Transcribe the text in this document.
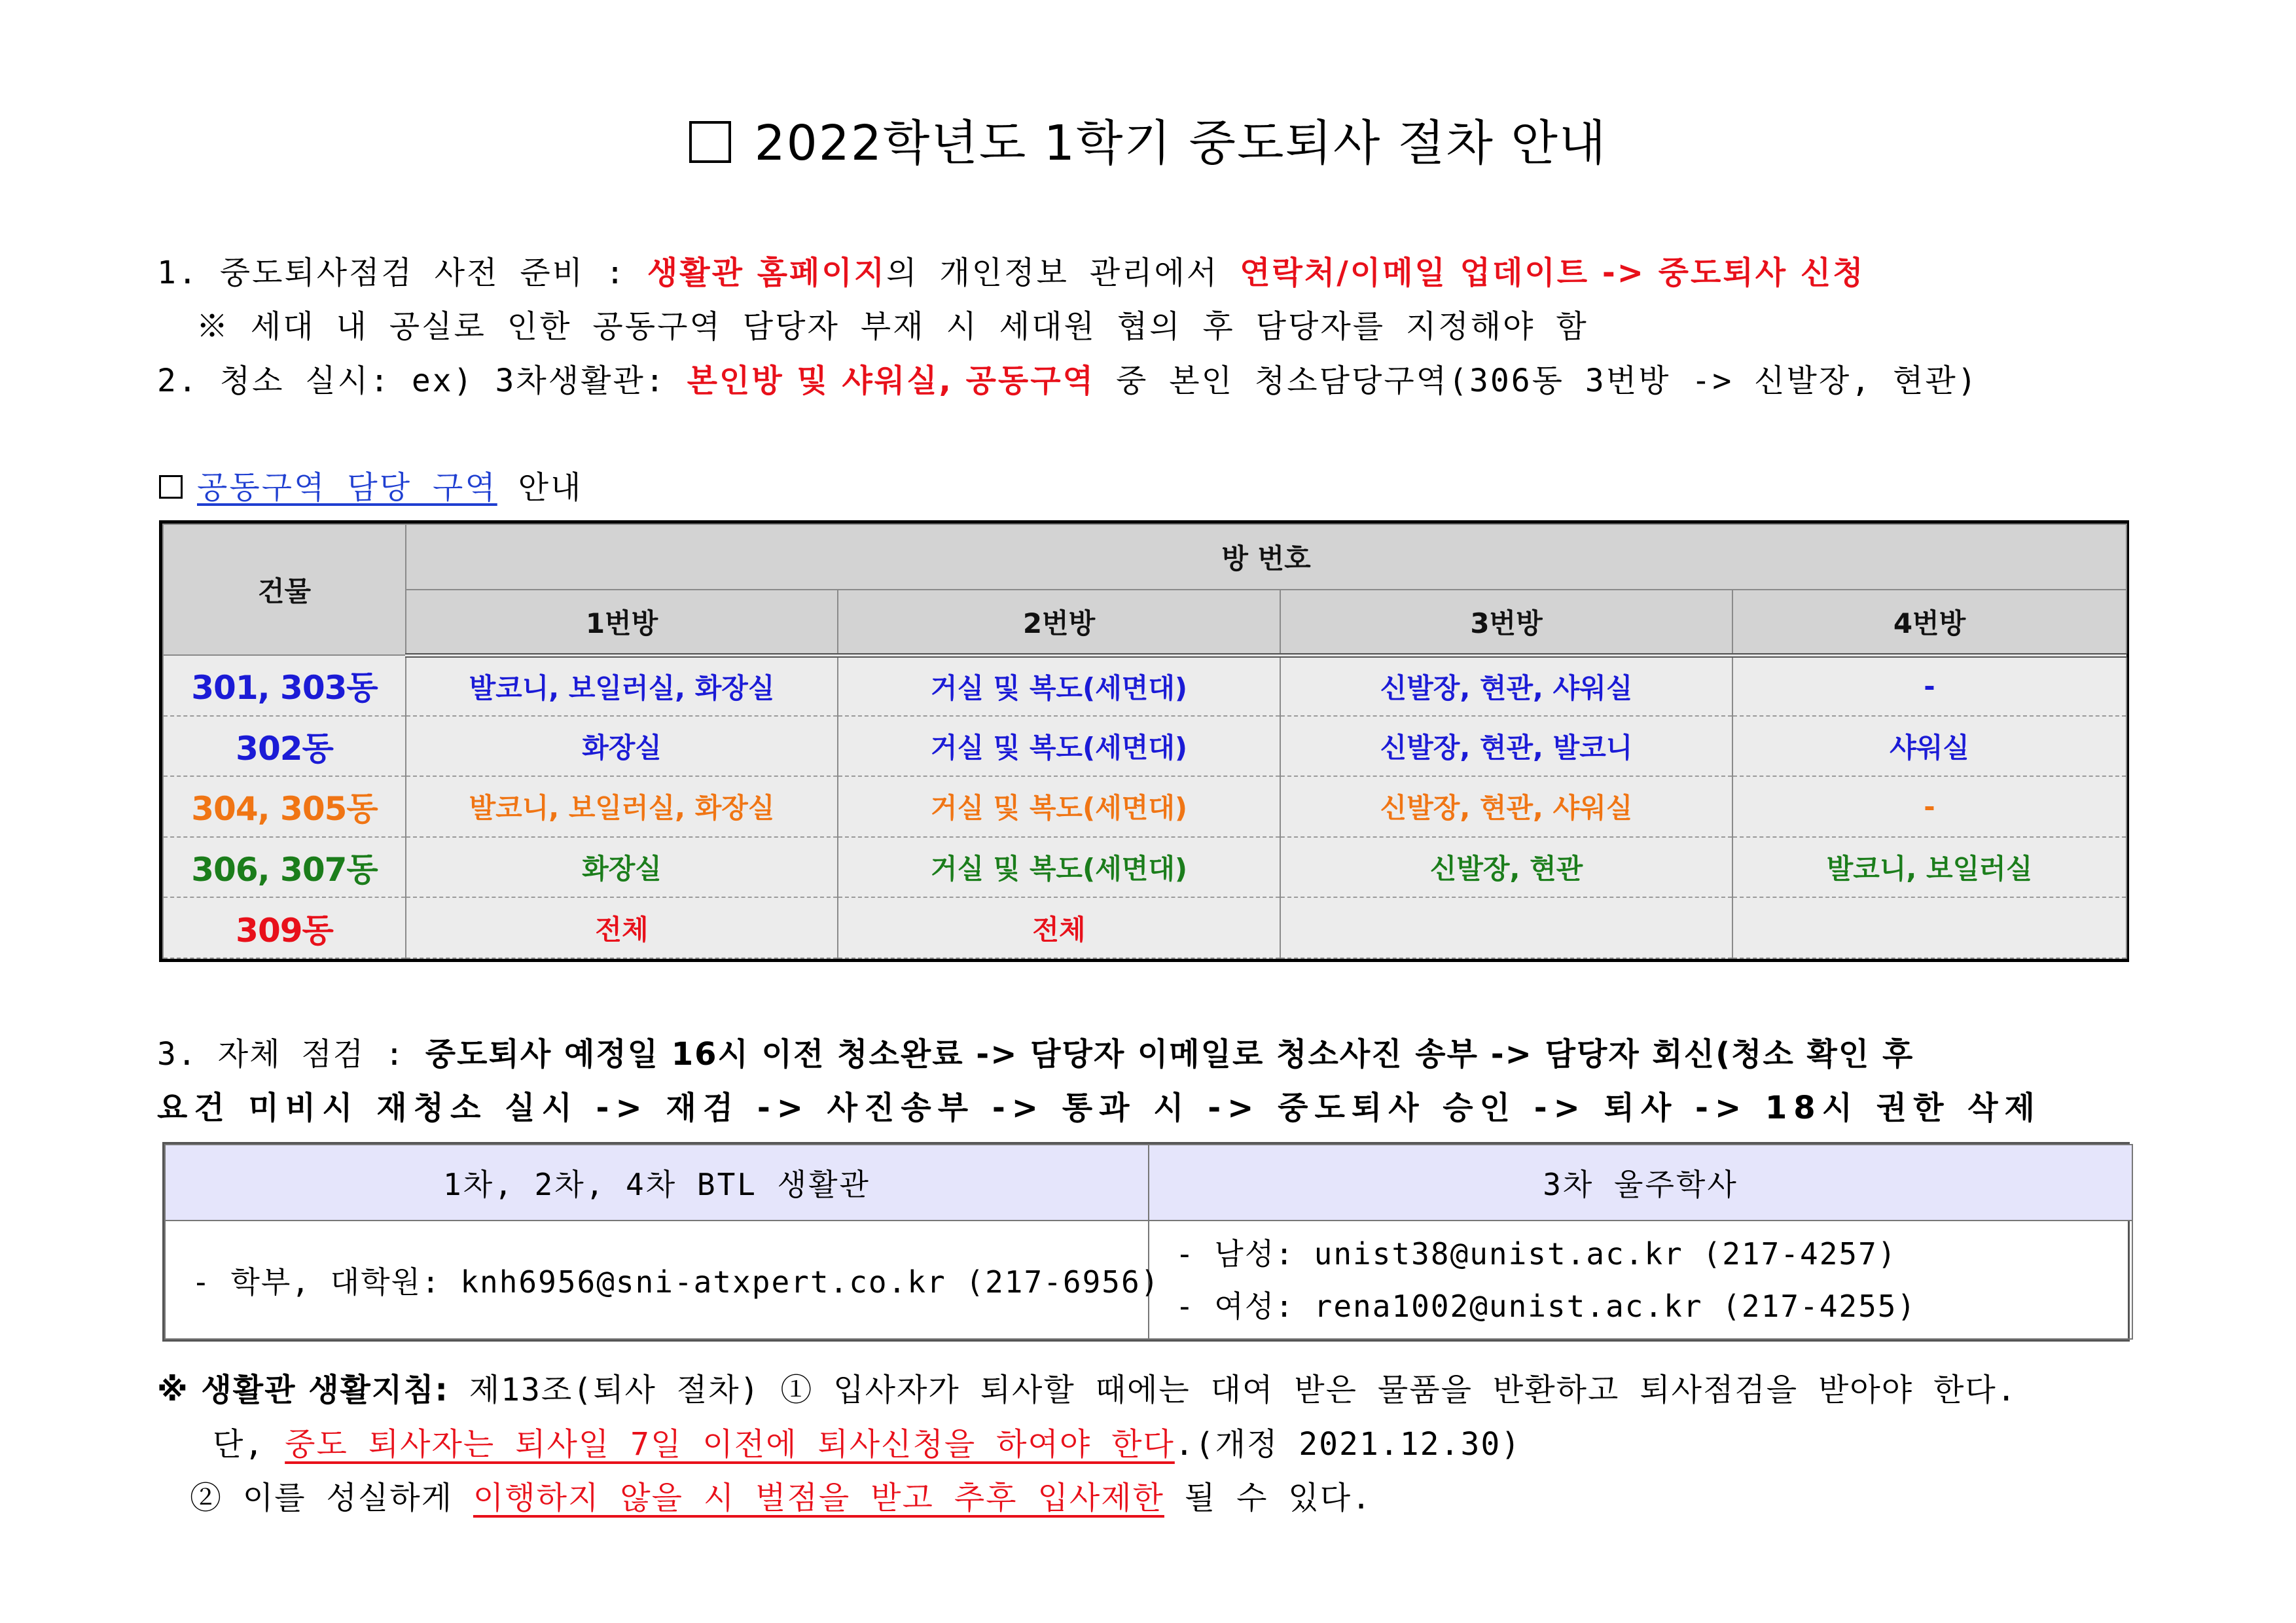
2022학년도 1학기 중도퇴사 절차 안내
1. 중도퇴사점검 사전 준비 : 생활관 홈페이지의 개인정보 관리에서 연락처/이메일 업데이트 -> 중도퇴사 신청
※ 세대 내 공실로 인한 공동구역 담당자 부재 시 세대원 협의 후 담당자를 지정해야 함
2. 청소 실시: ex) 3차생활관: 본인방 및 샤워실, 공동구역 중 본인 청소담당구역(306동 3번방 -> 신발장, 현관)
공동구역 담당 구역 안내
건물	방 번호			
	1번방	2번방	3번방	4번방
301, 303동	발코니, 보일러실, 화장실	거실 및 복도(세면대)	신발장, 현관, 샤워실	-
302동	화장실	거실 및 복도(세면대)	신발장, 현관, 발코니	샤워실
304, 305동	발코니, 보일러실, 화장실	거실 및 복도(세면대)	신발장, 현관, 샤워실	-
306, 307동	화장실	거실 및 복도(세면대)	신발장, 현관	발코니, 보일러실
309동	전체	전체		
3. 자체 점검 : 중도퇴사 예정일 16시 이전 청소완료 -> 담당자 이메일로 청소사진 송부 -> 담당자 회신(청소 확인 후
요건 미비시 재청소 실시 -> 재검 -> 사진송부 -> 통과 시 -> 중도퇴사 승인 -> 퇴사 -> 18시 권한 삭제
1차, 2차, 4차 BTL 생활관	3차 울주학사
- 학부, 대학원: knh6956@sni-atxpert.co.kr (217-6956)	- 남성: unist38@unist.ac.kr (217-4257)
- 여성: rena1002@unist.ac.kr (217-4255)
※ 생활관 생활지침: 제13조(퇴사 절차) ① 입사자가 퇴사할 때에는 대여 받은 물품을 반환하고 퇴사점검을 받아야 한다.
단, 중도 퇴사자는 퇴사일 7일 이전에 퇴사신청을 하여야 한다.(개정 2021.12.30)
② 이를 성실하게 이행하지 않을 시 벌점을 받고 추후 입사제한 될 수 있다.
